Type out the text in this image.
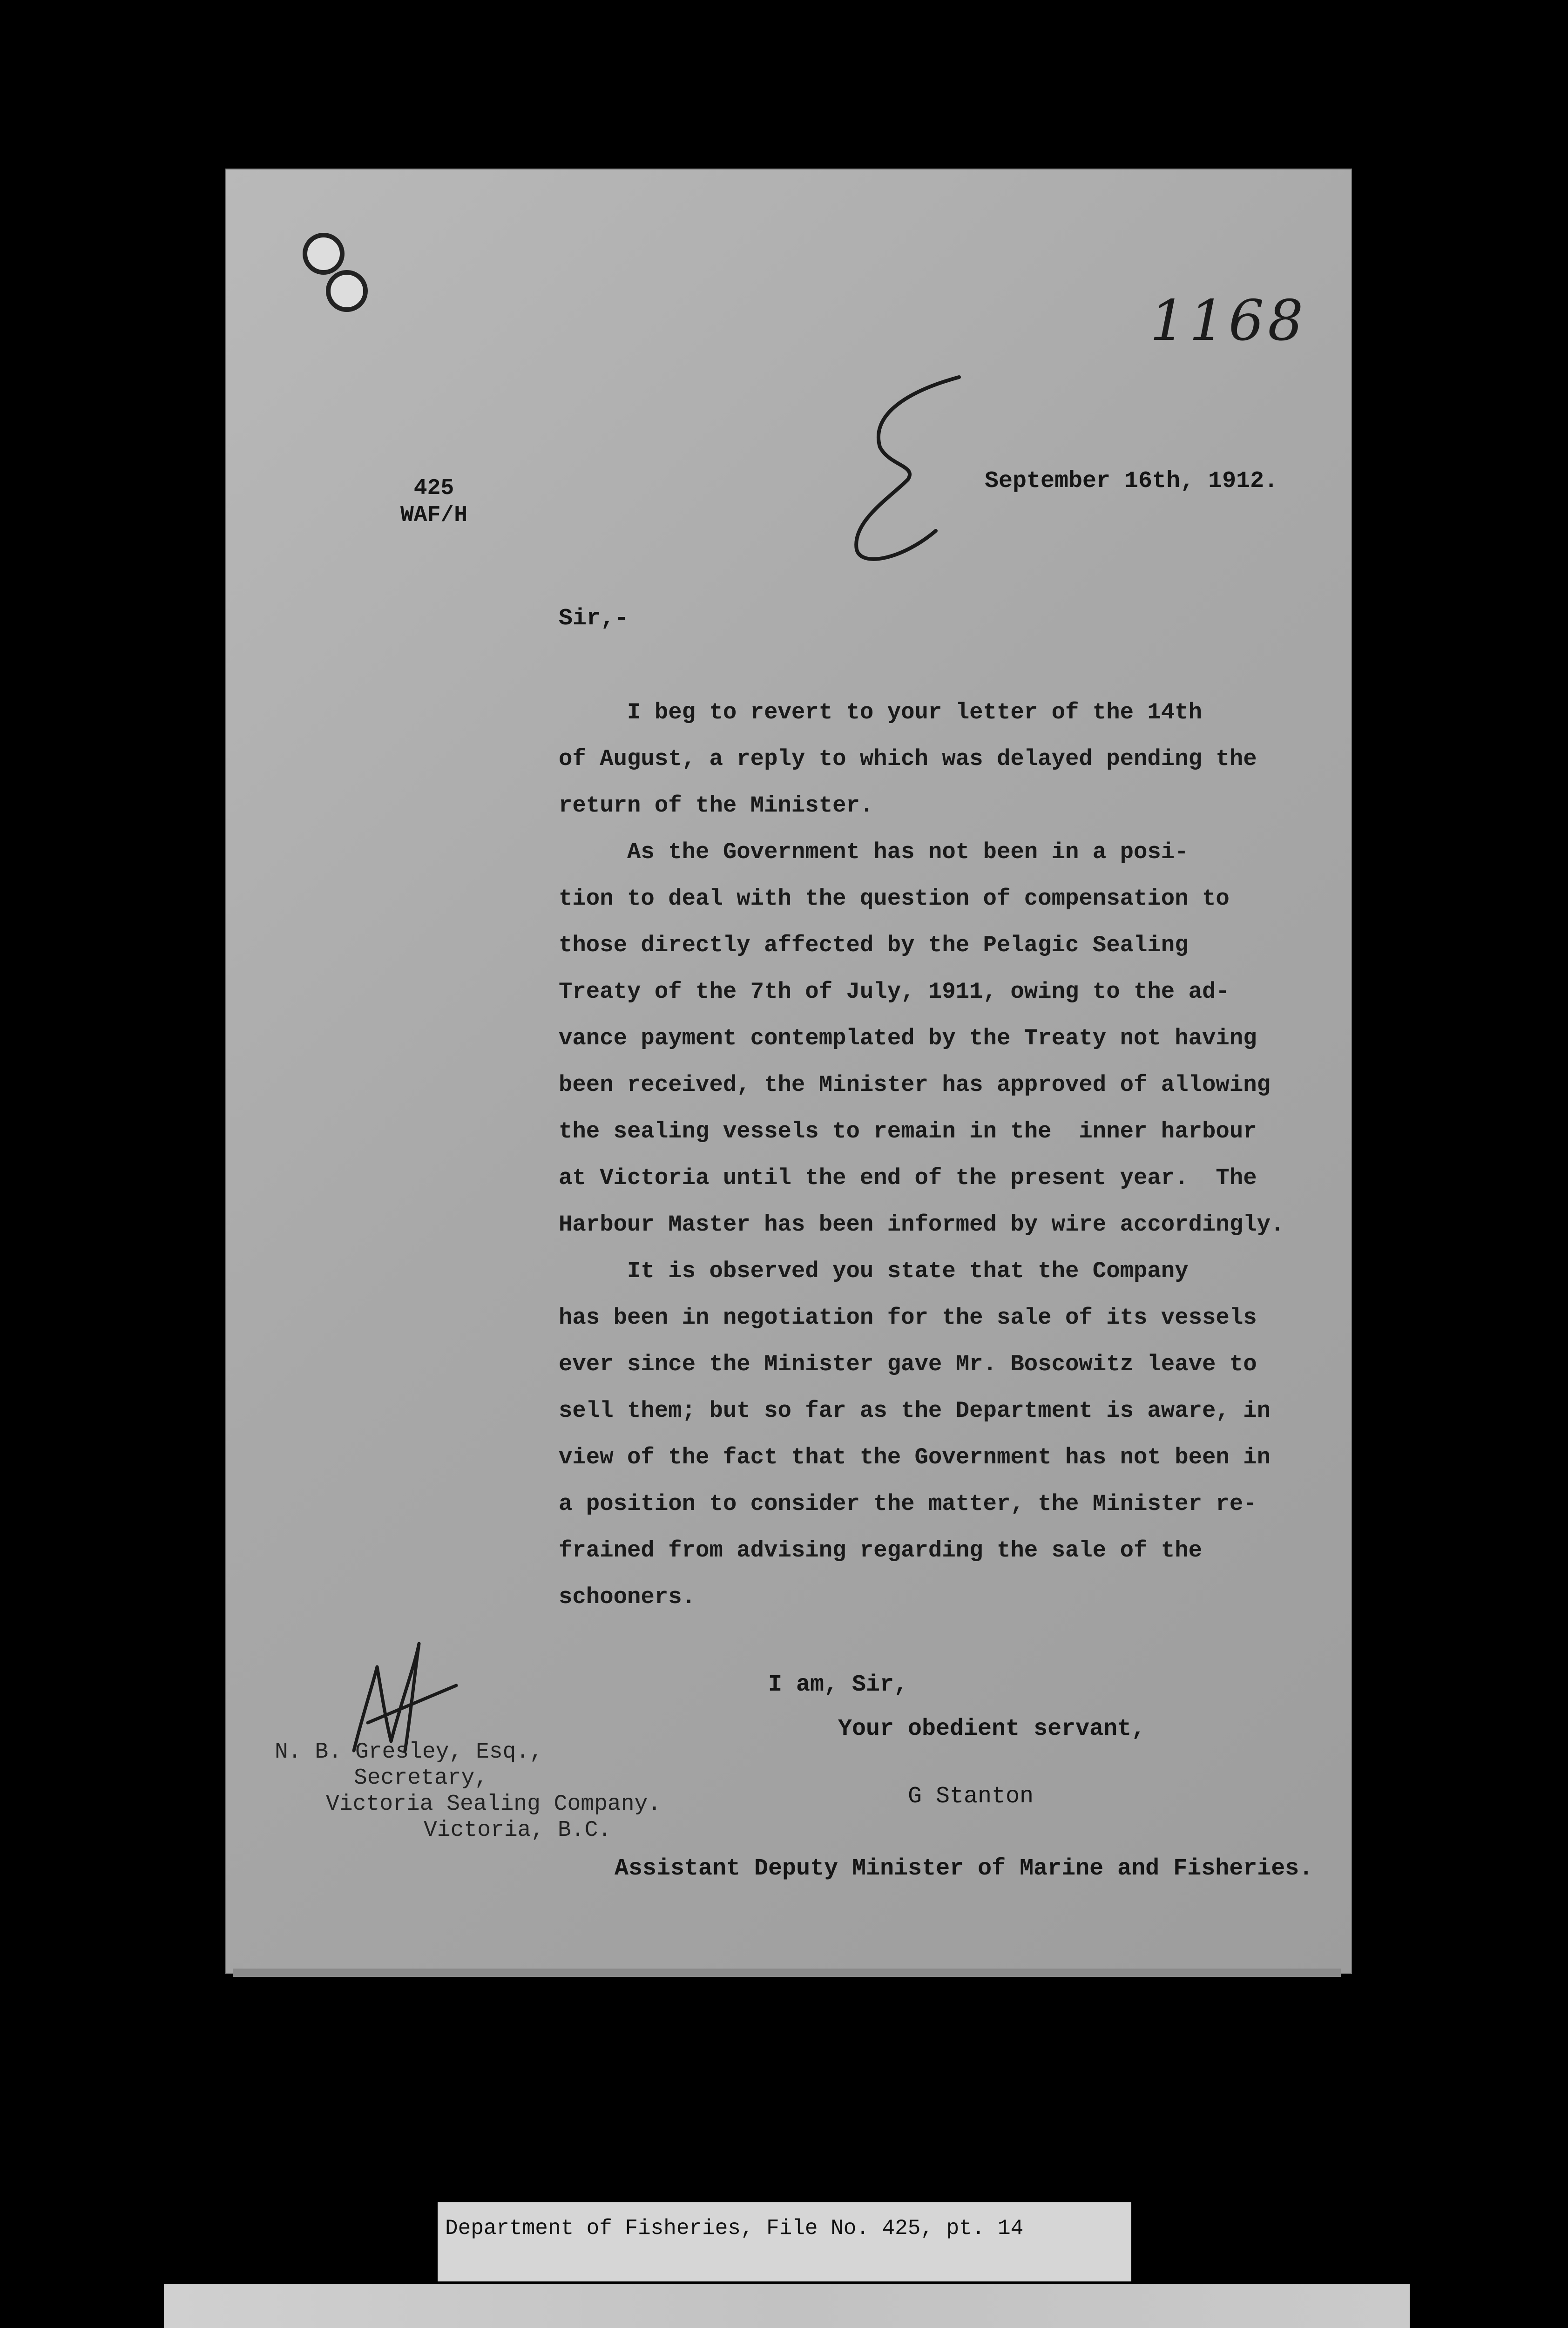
1168
425
WAF/H
September 16th, 1912.
Sir,-
I beg to revert to your letter of the 14th
of August, a reply to which was delayed pending the
return of the Minister.
As the Government has not been in a posi-
tion to deal with the question of compensation to
those directly affected by the Pelagic Sealing
Treaty of the 7th of July, 1911, owing to the ad-
vance payment contemplated by the Treaty not having
been received, the Minister has approved of allowing
the sealing vessels to remain in the  inner harbour
at Victoria until the end of the present year.  The
Harbour Master has been informed by wire accordingly.
It is observed you state that the Company
has been in negotiation for the sale of its vessels
ever since the Minister gave Mr. Boscowitz leave to
sell them; but so far as the Department is aware, in
view of the fact that the Government has not been in
a position to consider the matter, the Minister re-
frained from advising regarding the sale of the
schooners.
I am, Sir,
Your obedient servant,
G Stanton
Assistant Deputy Minister of Marine and Fisheries.
N. B. Gresley, Esq.,
Secretary,
Victoria Sealing Company.
Victoria, B.C.
Department of Fisheries, File No. 425, pt. 14
